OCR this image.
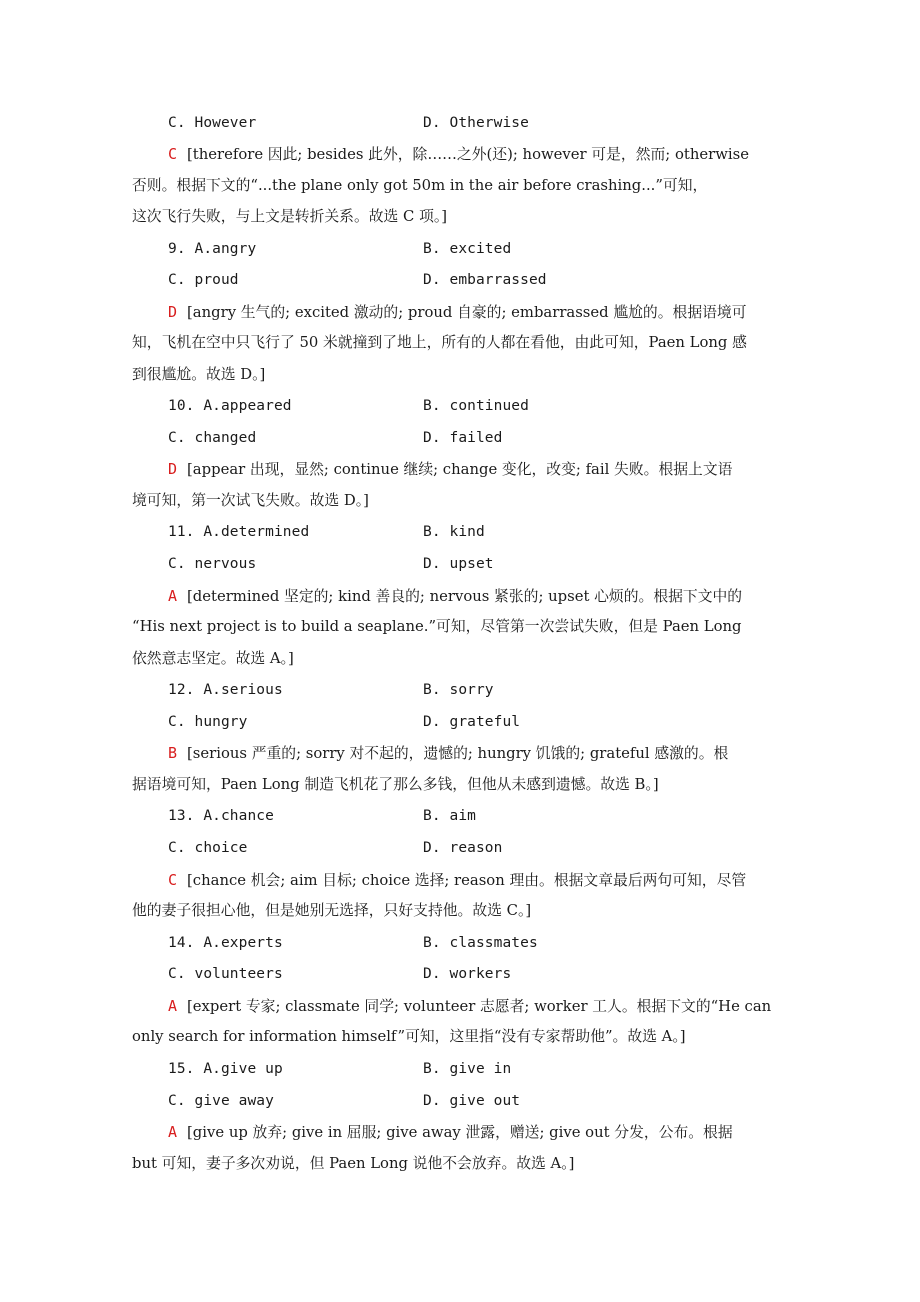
C. However	D. Otherwise
C [therefore 因此; besides 此外，除……之外(还); however 可是，然而; otherwise
否则。根据下文的“...the plane only got 50m in the air before crashing...”可知，
这次飞行失败，与上文是转折关系。故选 C 项。]
9. A.angry	B. excited
C. proud	D. embarrassed
D [angry 生气的; excited 激动的; proud 自豪的; embarrassed 尴尬的。根据语境可
知，飞机在空中只飞行了 50 米就撞到了地上，所有的人都在看他，由此可知，Paen Long 感
到很尴尬。故选 D。]
10. A.appeared	B. continued
C. changed	D. failed
D [appear 出现，显然; continue 继续; change 变化，改变; fail 失败。根据上文语
境可知，第一次试飞失败。故选 D。]
11. A.determined	B. kind
C. nervous	D. upset
A [determined 坚定的; kind 善良的; nervous 紧张的; upset 心烦的。根据下文中的
“His next project is to build a seaplane.”可知，尽管第一次尝试失败，但是 Paen Long
依然意志坚定。故选 A。]
12. A.serious	B. sorry
C. hungry	D. grateful
B [serious 严重的; sorry 对不起的，遗憾的; hungry 饥饿的; grateful 感激的。根
据语境可知，Paen Long 制造飞机花了那么多钱，但他从未感到遗憾。故选 B。]
13. A.chance	B. aim
C. choice	D. reason
C [chance 机会; aim 目标; choice 选择; reason 理由。根据文章最后两句可知，尽管
他的妻子很担心他，但是她别无选择，只好支持他。故选 C。]
14. A.experts	B. classmates
C. volunteers	D. workers
A [expert 专家; classmate 同学; volunteer 志愿者; worker 工人。根据下文的“He can
only search for information himself”可知，这里指“没有专家帮助他”。故选 A。]
15. A.give up	B. give in
C. give away	D. give out
A [give up 放弃; give in 屈服; give away 泄露，赠送; give out 分发，公布。根据
but 可知，妻子多次劝说，但 Paen Long 说他不会放弃。故选 A。]
